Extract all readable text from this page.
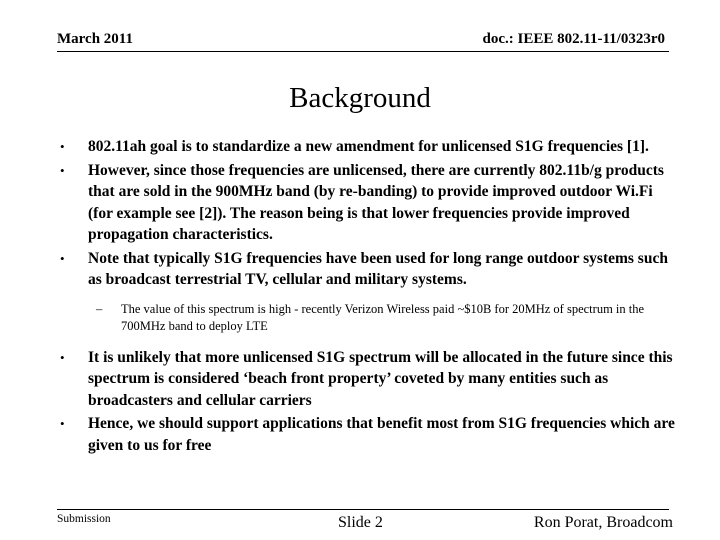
March 2011	doc.: IEEE 802.11-11/0323r0
Background
• 802.11ah goal is to standardize a new amendment for unlicensed S1G frequencies [1].
• However, since those frequencies are unlicensed, there are currently 802.11b/g products that are sold in the 900MHz band (by re-banding) to provide improved outdoor Wi.Fi (for example see [2]). The reason being is that lower frequencies provide improved propagation characteristics.
• Note that typically S1G frequencies have been used for long range outdoor systems such as broadcast terrestrial TV, cellular and military systems.
– The value of this spectrum is high - recently Verizon Wireless paid ~$10B for 20MHz of spectrum in the 700MHz band to deploy LTE
• It is unlikely that more unlicensed S1G spectrum will be allocated in the future since this spectrum is considered ‘beach front property’ coveted by many entities such as broadcasters and cellular carriers
• Hence, we should support applications that benefit most from S1G frequencies which are given to us for free
Submission	Slide 2	Ron Porat, Broadcom
